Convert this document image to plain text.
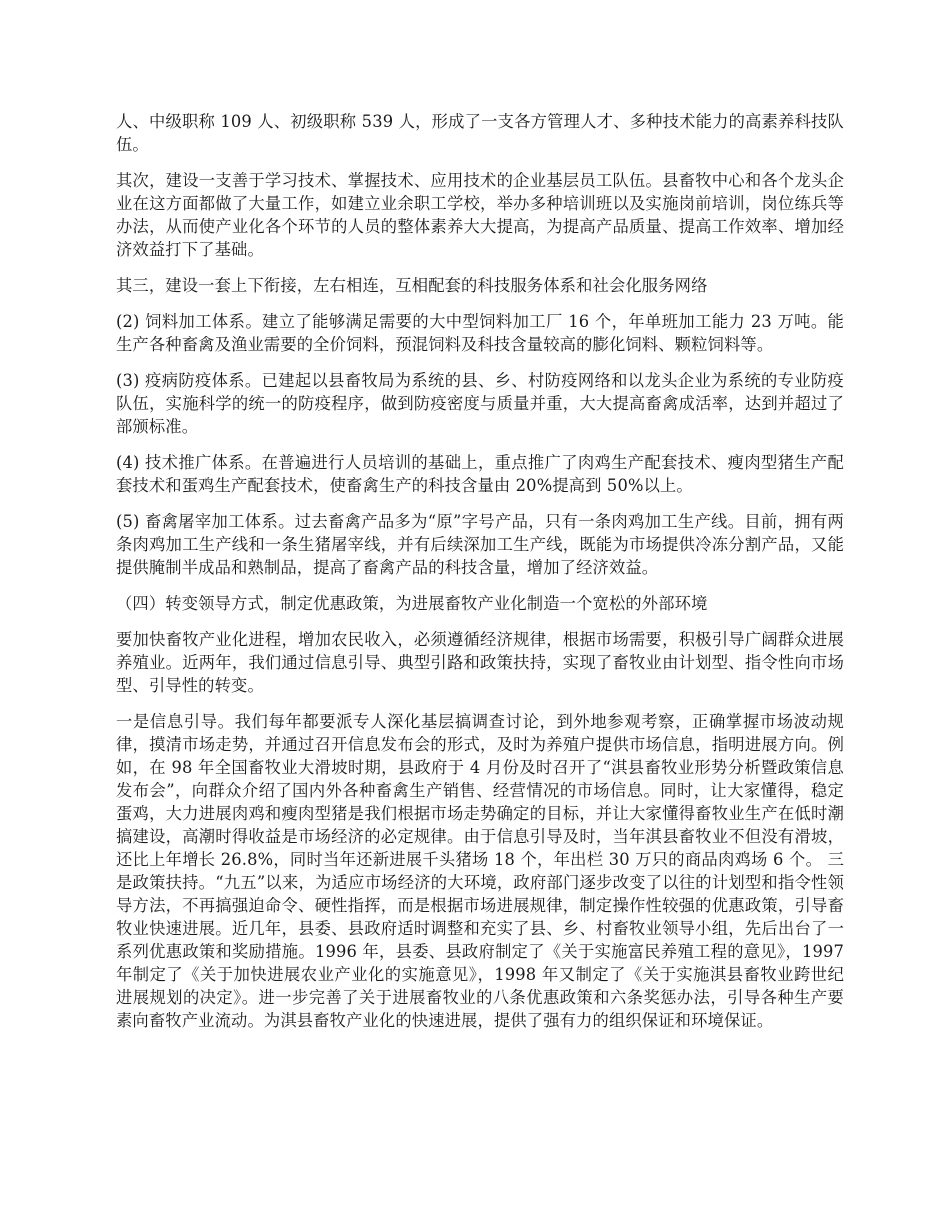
人、中级职称 109 人、初级职称 539 人，形成了一支各方管理人才、多种技术能力的高素养科技队伍。

其次，建设一支善于学习技术、掌握技术、应用技术的企业基层员工队伍。县畜牧中心和各个龙头企业在这方面都做了大量工作，如建立业余职工学校，举办多种培训班以及实施岗前培训，岗位练兵等办法，从而使产业化各个环节的人员的整体素养大大提高，为提高产品质量、提高工作效率、增加经济效益打下了基础。

其三，建设一套上下衔接，左右相连，互相配套的科技服务体系和社会化服务网络

(2) 饲料加工体系。建立了能够满足需要的大中型饲料加工厂 16 个，年单班加工能力 23 万吨。能生产各种畜禽及渔业需要的全价饲料，预混饲料及科技含量较高的膨化饲料、颗粒饲料等。

(3) 疫病防疫体系。已建起以县畜牧局为系统的县、乡、村防疫网络和以龙头企业为系统的专业防疫队伍，实施科学的统一的防疫程序，做到防疫密度与质量并重，大大提高畜禽成活率，达到并超过了部颁标准。

(4) 技术推广体系。在普遍进行人员培训的基础上，重点推广了肉鸡生产配套技术、瘦肉型猪生产配套技术和蛋鸡生产配套技术，使畜禽生产的科技含量由 20%提高到 50%以上。

(5) 畜禽屠宰加工体系。过去畜禽产品多为“原”字号产品，只有一条肉鸡加工生产线。目前，拥有两条肉鸡加工生产线和一条生猪屠宰线，并有后续深加工生产线，既能为市场提供冷冻分割产品，又能提供腌制半成品和熟制品，提高了畜禽产品的科技含量，增加了经济效益。

（四）转变领导方式，制定优惠政策，为进展畜牧产业化制造一个宽松的外部环境

要加快畜牧产业化进程，增加农民收入，必须遵循经济规律，根据市场需要，积极引导广阔群众进展养殖业。近两年，我们通过信息引导、典型引路和政策扶持，实现了畜牧业由计划型、指令性向市场型、引导性的转变。

一是信息引导。我们每年都要派专人深化基层搞调查讨论，到外地参观考察，正确掌握市场波动规律，摸清市场走势，并通过召开信息发布会的形式，及时为养殖户提供市场信息，指明进展方向。例如，在 98 年全国畜牧业大滑坡时期，县政府于 4 月份及时召开了“淇县畜牧业形势分析暨政策信息发布会”，向群众介绍了国内外各种畜禽生产销售、经营情况的市场信息。同时，让大家懂得，稳定蛋鸡，大力进展肉鸡和瘦肉型猪是我们根据市场走势确定的目标，并让大家懂得畜牧业生产在低时潮搞建设，高潮时得收益是市场经济的必定规律。由于信息引导及时，当年淇县畜牧业不但没有滑坡，还比上年增长 26.8%，同时当年还新进展千头猪场 18 个，年出栏 30 万只的商品肉鸡场 6 个。 三是政策扶持。“九五”以来，为适应市场经济的大环境，政府部门逐步改变了以往的计划型和指令性领导方法，不再搞强迫命令、硬性指挥，而是根据市场进展规律，制定操作性较强的优惠政策，引导畜牧业快速进展。近几年，县委、县政府适时调整和充实了县、乡、村畜牧业领导小组，先后出台了一系列优惠政策和奖励措施。1996 年，县委、县政府制定了《关于实施富民养殖工程的意见》，1997 年制定了《关于加快进展农业产业化的实施意见》，1998 年又制定了《关于实施淇县畜牧业跨世纪进展规划的决定》。进一步完善了关于进展畜牧业的八条优惠政策和六条奖惩办法，引导各种生产要素向畜牧产业流动。为淇县畜牧产业化的快速进展，提供了强有力的组织保证和环境保证。
